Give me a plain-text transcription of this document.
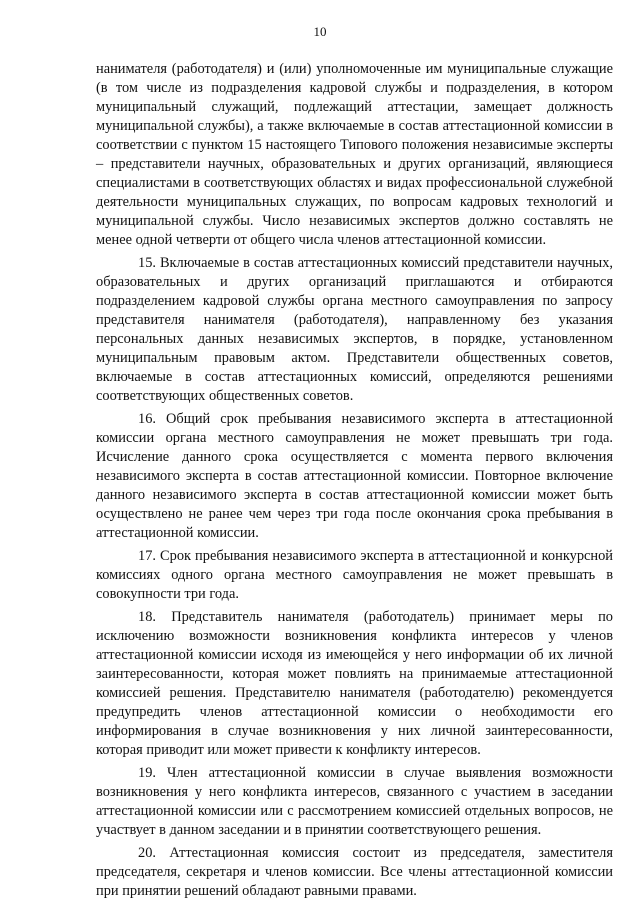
10

нанимателя (работодателя) и (или) уполномоченные им муниципальные служащие (в том числе из подразделения кадровой службы и подразделения, в котором муниципальный служащий, подлежащий аттестации, замещает должность муниципальной службы), а также включаемые в состав аттестационной комиссии в соответствии с пунктом 15 настоящего Типового положения независимые эксперты – представители научных, образовательных и других организаций, являющиеся специалистами в соответствующих областях и видах профессиональной служебной деятельности муниципальных служащих, по вопросам кадровых технологий и муниципальной службы. Число независимых экспертов должно составлять не менее одной четверти от общего числа членов аттестационной комиссии.

15. Включаемые в состав аттестационных комиссий представители научных, образовательных и других организаций приглашаются и отбираются подразделением кадровой службы органа местного самоуправления по запросу представителя нанимателя (работодателя), направленному без указания персональных данных независимых экспертов, в порядке, установленном муниципальным правовым актом. Представители общественных советов, включаемые в состав аттестационных комиссий, определяются решениями соответствующих общественных советов.

16. Общий срок пребывания независимого эксперта в аттестационной комиссии органа местного самоуправления не может превышать три года. Исчисление данного срока осуществляется с момента первого включения независимого эксперта в состав аттестационной комиссии. Повторное включение данного независимого эксперта в состав аттестационной комиссии может быть осуществлено не ранее чем через три года после окончания срока пребывания в аттестационной комиссии.

17. Срок пребывания независимого эксперта в аттестационной и конкурсной комиссиях одного органа местного самоуправления не может превышать в совокупности три года.

18. Представитель нанимателя (работодатель) принимает меры по исключению возможности возникновения конфликта интересов у членов аттестационной комиссии исходя из имеющейся у него информации об их личной заинтересованности, которая может повлиять на принимаемые аттестационной комиссией решения. Представителю нанимателя (работодателю) рекомендуется предупредить членов аттестационной комиссии о необходимости его информирования в случае возникновения у них личной заинтересованности, которая приводит или может привести к конфликту интересов.

19. Член аттестационной комиссии в случае выявления возможности возникновения у него конфликта интересов, связанного с участием в заседании аттестационной комиссии или с рассмотрением комиссией отдельных вопросов, не участвует в данном заседании и в принятии соответствующего решения.

20. Аттестационная комиссия состоит из председателя, заместителя председателя, секретаря и членов комиссии. Все члены аттестационной комиссии при принятии решений обладают равными правами.
